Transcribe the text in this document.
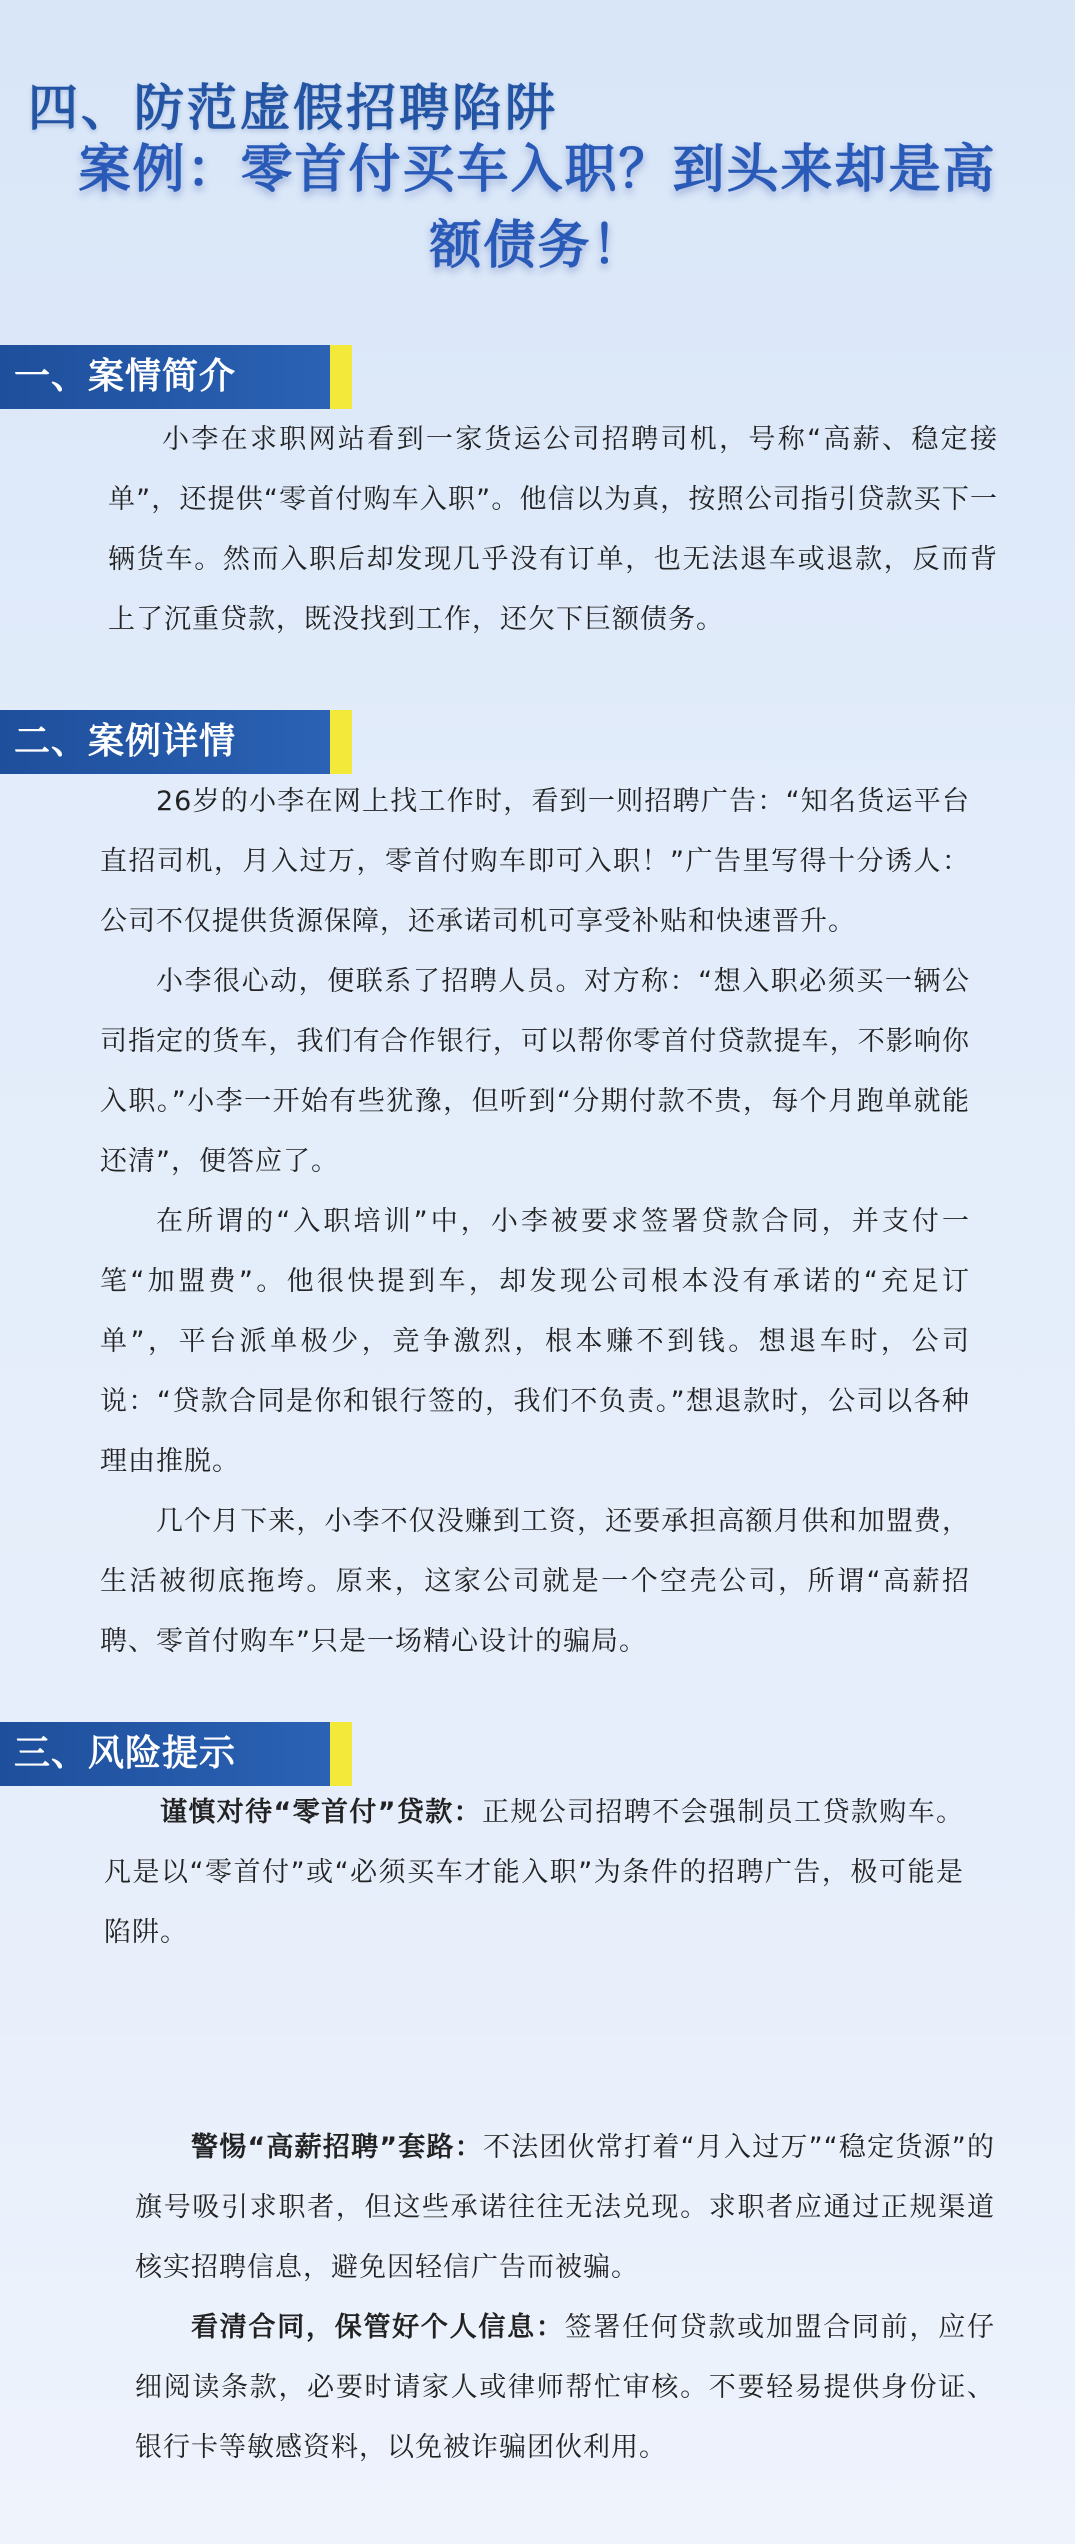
四、防范虚假招聘陷阱
案例：零首付买车入职？到头来却是高额债务！
一、案情简介

小李在求职网站看到一家货运公司招聘司机，号称“高薪、稳定接单”，还提供“零首付购车入职”。他信以为真，按照公司指引贷款买下一辆货车。然而入职后却发现几乎没有订单，也无法退车或退款，反而背上了沉重贷款，既没找到工作，还欠下巨额债务。

二、案例详情

26岁的小李在网上找工作时，看到一则招聘广告：“知名货运平台直招司机，月入过万，零首付购车即可入职！”广告里写得十分诱人：公司不仅提供货源保障，还承诺司机可享受补贴和快速晋升。

小李很心动，便联系了招聘人员。对方称：“想入职必须买一辆公司指定的货车，我们有合作银行，可以帮你零首付贷款提车，不影响你入职。”小李一开始有些犹豫，但听到“分期付款不贵，每个月跑单就能还清”，便答应了。

在所谓的“入职培训”中，小李被要求签署贷款合同，并支付一笔“加盟费”。他很快提到车，却发现公司根本没有承诺的“充足订单”，平台派单极少，竞争激烈，根本赚不到钱。想退车时，公司说：“贷款合同是你和银行签的，我们不负责。”想退款时，公司以各种理由推脱。

几个月下来，小李不仅没赚到工资，还要承担高额月供和加盟费，生活被彻底拖垮。原来，这家公司就是一个空壳公司，所谓“高薪招聘、零首付购车”只是一场精心设计的骗局。

三、风险提示

谨慎对待“零首付”贷款：正规公司招聘不会强制员工贷款购车。凡是以“零首付”或“必须买车才能入职”为条件的招聘广告，极可能是陷阱。

警惕“高薪招聘”套路：不法团伙常打着“月入过万”“稳定货源”的旗号吸引求职者，但这些承诺往往无法兑现。求职者应通过正规渠道核实招聘信息，避免因轻信广告而被骗。

看清合同，保管好个人信息：签署任何贷款或加盟合同前，应仔细阅读条款，必要时请家人或律师帮忙审核。不要轻易提供身份证、银行卡等敏感资料，以免被诈骗团伙利用。
